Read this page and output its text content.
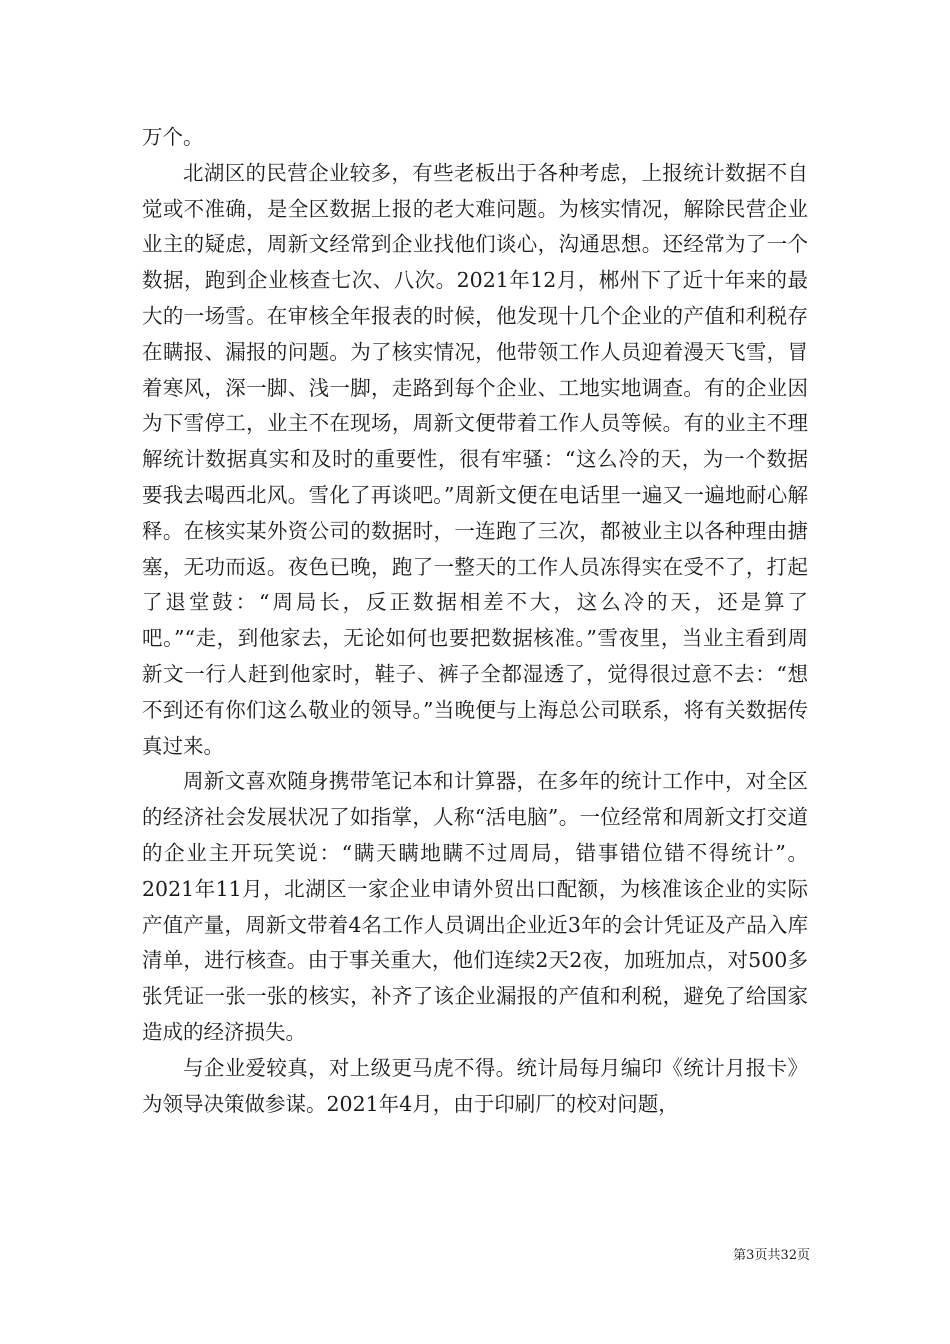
万个。

北湖区的民营企业较多，有些老板出于各种考虑，上报统计数据不自觉或不准确，是全区数据上报的老大难问题。为核实情况，解除民营企业业主的疑虑，周新文经常到企业找他们谈心，沟通思想。还经常为了一个数据，跑到企业核查七次、八次。2021年12月，郴州下了近十年来的最大的一场雪。在审核全年报表的时候，他发现十几个企业的产值和利税存在瞒报、漏报的问题。为了核实情况，他带领工作人员迎着漫天飞雪，冒着寒风，深一脚、浅一脚，走路到每个企业、工地实地调查。有的企业因为下雪停工，业主不在现场，周新文便带着工作人员等候。有的业主不理解统计数据真实和及时的重要性，很有牢骚：“这么冷的天，为一个数据要我去喝西北风。雪化了再谈吧。”周新文便在电话里一遍又一遍地耐心解释。在核实某外资公司的数据时，一连跑了三次，都被业主以各种理由搪塞，无功而返。夜色已晚，跑了一整天的工作人员冻得实在受不了，打起了退堂鼓：“周局长，反正数据相差不大，这么冷的天，还是算了吧。”“走，到他家去，无论如何也要把数据核准。”雪夜里，当业主看到周新文一行人赶到他家时，鞋子、裤子全都湿透了，觉得很过意不去：“想不到还有你们这么敬业的领导。”当晚便与上海总公司联系，将有关数据传真过来。

周新文喜欢随身携带笔记本和计算器，在多年的统计工作中，对全区的经济社会发展状况了如指掌，人称“活电脑”。一位经常和周新文打交道的企业主开玩笑说：“瞒天瞒地瞒不过周局，错事错位错不得统计”。2021年11月，北湖区一家企业申请外贸出口配额，为核准该企业的实际产值产量，周新文带着4名工作人员调出企业近3年的会计凭证及产品入库清单，进行核查。由于事关重大，他们连续2天2夜，加班加点，对500多张凭证一张一张的核实，补齐了该企业漏报的产值和利税，避免了给国家造成的经济损失。

与企业爱较真，对上级更马虎不得。统计局每月编印《统计月报卡》为领导决策做参谋。2021年4月，由于印刷厂的校对问题，

第3页共32页
